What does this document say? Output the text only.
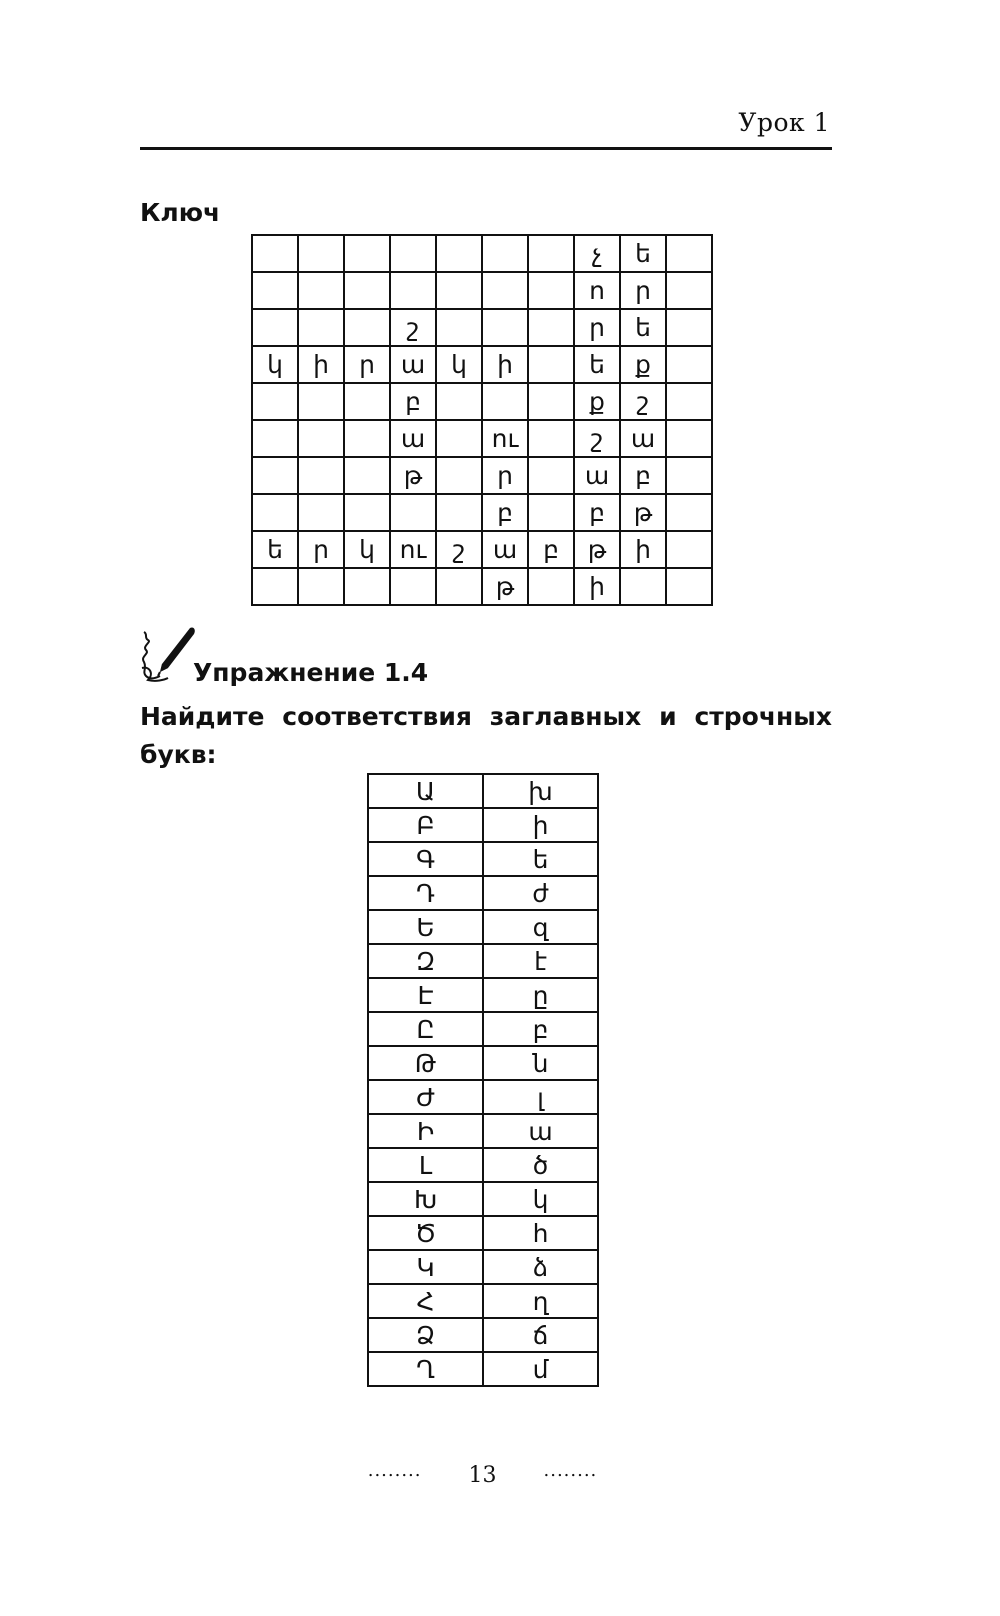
Урок 1
Ключ
							չ	ե	
							ո	ր	
			շ				ր	ե	
կ	ի	ր	ա	կ	ի		ե	ք	
			բ				ք	շ	
			ա		ու		շ	ա	
			թ		ր		ա	բ	
					բ		բ	թ	
ե	ր	կ	ու	շ	ա	բ	թ	ի	
					թ		ի		
Упражнение 1.4
Найдите соответствия заглавных и строчных букв:
Ա	խ
Բ	ի
Գ	ե
Դ	ժ
Ե	զ
Զ	է
Է	ը
Ը	բ
Թ	ն
Ժ	լ
Ի	ա
Լ	ծ
Խ	կ
Ծ	հ
Կ	ձ
Հ	ղ
Ձ	ճ
Ղ	մ
........ 13	........
